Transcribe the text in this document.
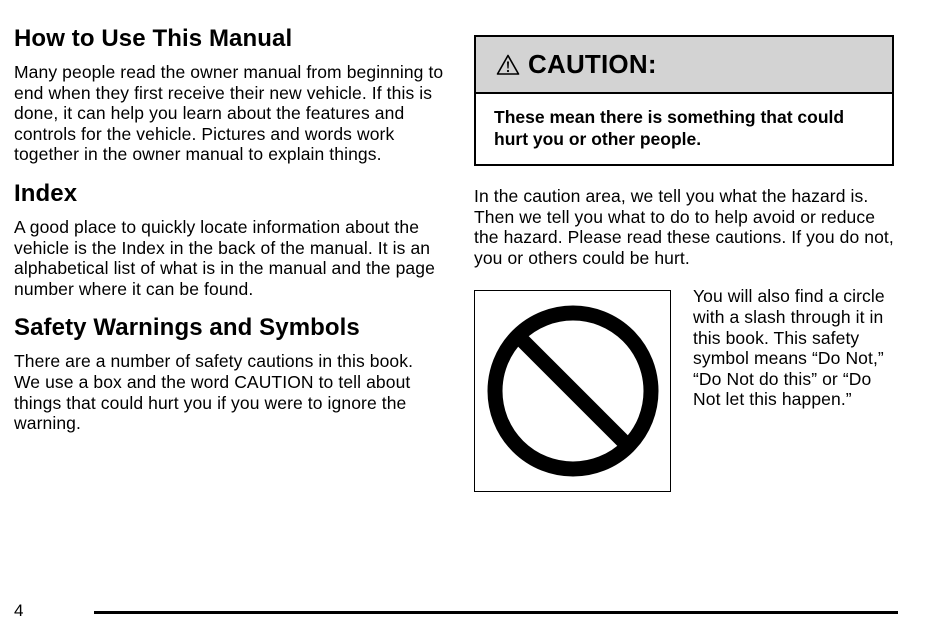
How to Use This Manual

Many people read the owner manual from beginning to end when they first receive their new vehicle. If this is done, it can help you learn about the features and controls for the vehicle. Pictures and words work together in the owner manual to explain things.

Index

A good place to quickly locate information about the vehicle is the Index in the back of the manual. It is an alphabetical list of what is in the manual and the page number where it can be found.

Safety Warnings and Symbols

There are a number of safety cautions in this book. We use a box and the word CAUTION to tell about things that could hurt you if you were to ignore the warning.

CAUTION:
These mean there is something that could hurt you or other people.

In the caution area, we tell you what the hazard is. Then we tell you what to do to help avoid or reduce the hazard. Please read these cautions. If you do not, you or others could be hurt.

You will also find a circle with a slash through it in this book. This safety symbol means “Do Not,” “Do Not do this” or “Do Not let this happen.”

4
